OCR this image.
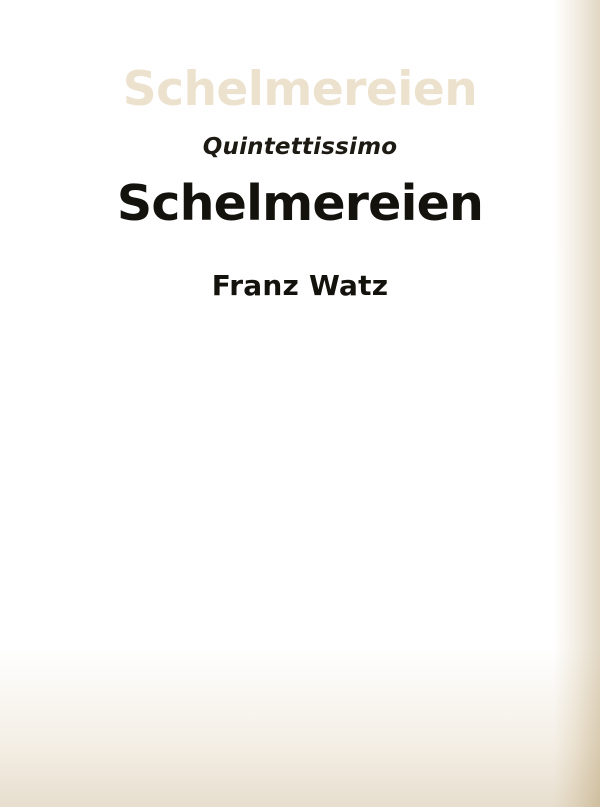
Schelmereien
Quintettissimo
Schelmereien
Franz Watz
